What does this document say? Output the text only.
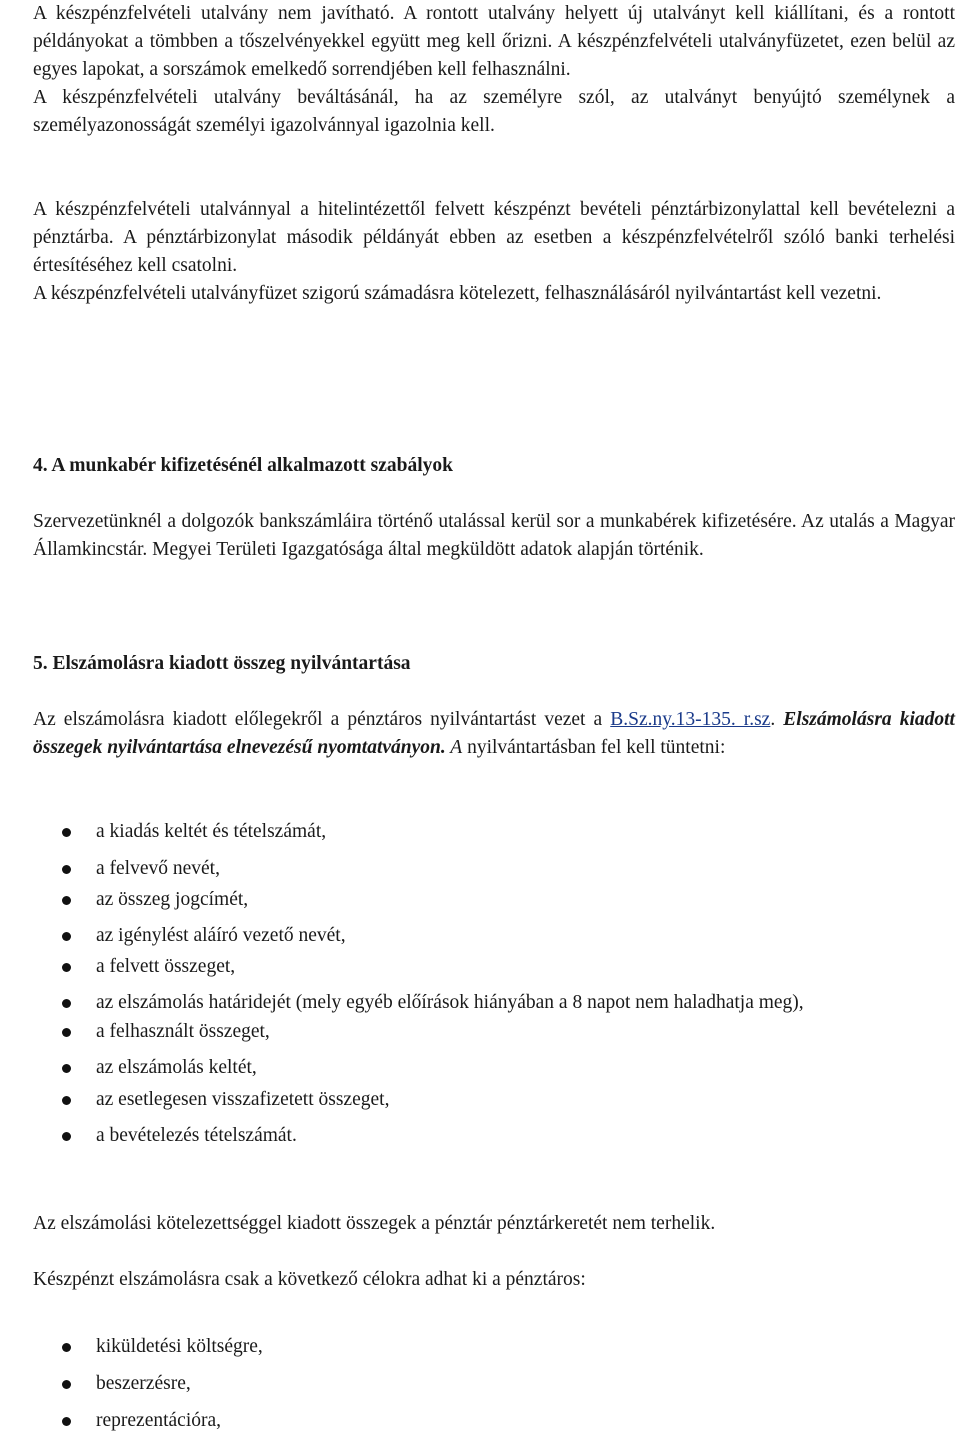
A készpénzfelvételi utalvány nem javítható. A rontott utalvány helyett új utalványt kell kiállítani, és a rontott példányokat a tömbben a tőszelvényekkel együtt meg kell őrizni. A készpénzfelvételi utalványfüzetet, ezen belül az egyes lapokat, a sorszámok emelkedő sorrendjében kell felhasználni.

A készpénzfelvételi utalvány beváltásánál, ha az személyre szól, az utalványt benyújtó személynek a személyazonosságát személyi igazolvánnyal igazolnia kell.

A készpénzfelvételi utalvánnyal a hitelintézettől felvett készpénzt bevételi pénztárbizonylattal kell bevételezni a pénztárba. A pénztárbizonylat második példányát ebben az esetben a készpénzfelvételről szóló banki terhelési értesítéséhez kell csatolni.

A készpénzfelvételi utalványfüzet szigorú számadásra kötelezett, felhasználásáról nyilvántartást kell vezetni.

4. A munkabér kifizetésénél alkalmazott szabályok

Szervezetünknél a dolgozók bankszámláira történő utalással kerül sor a munkabérek kifizetésére. Az utalás a Magyar Államkincstár. Megyei Területi Igazgatósága által megküldött adatok alapján történik.

5. Elszámolásra kiadott összeg nyilvántartása

Az elszámolásra kiadott előlegekről a pénztáros nyilvántartást vezet a B.Sz.ny.13-135. r.sz. Elszámolásra kiadott összegek nyilvántartása elnevezésű nyomtatványon. A nyilvántartásban fel kell tüntetni:

a kiadás keltét és tételszámát,
a felvevő nevét,
az összeg jogcímét,
az igénylést aláíró vezető nevét,
a felvett összeget,
az elszámolás határidejét (mely egyéb előírások hiányában a 8 napot nem haladhatja meg),
a felhasznált összeget,
az elszámolás keltét,
az esetlegesen visszafizetett összeget,
a bevételezés tételszámát.

Az elszámolási kötelezettséggel kiadott összegek a pénztár pénztárkeretét nem terhelik.

Készpénzt elszámolásra csak a következő célokra adhat ki a pénztáros:

kiküldetési költségre,
beszerzésre,
reprezentációra,
